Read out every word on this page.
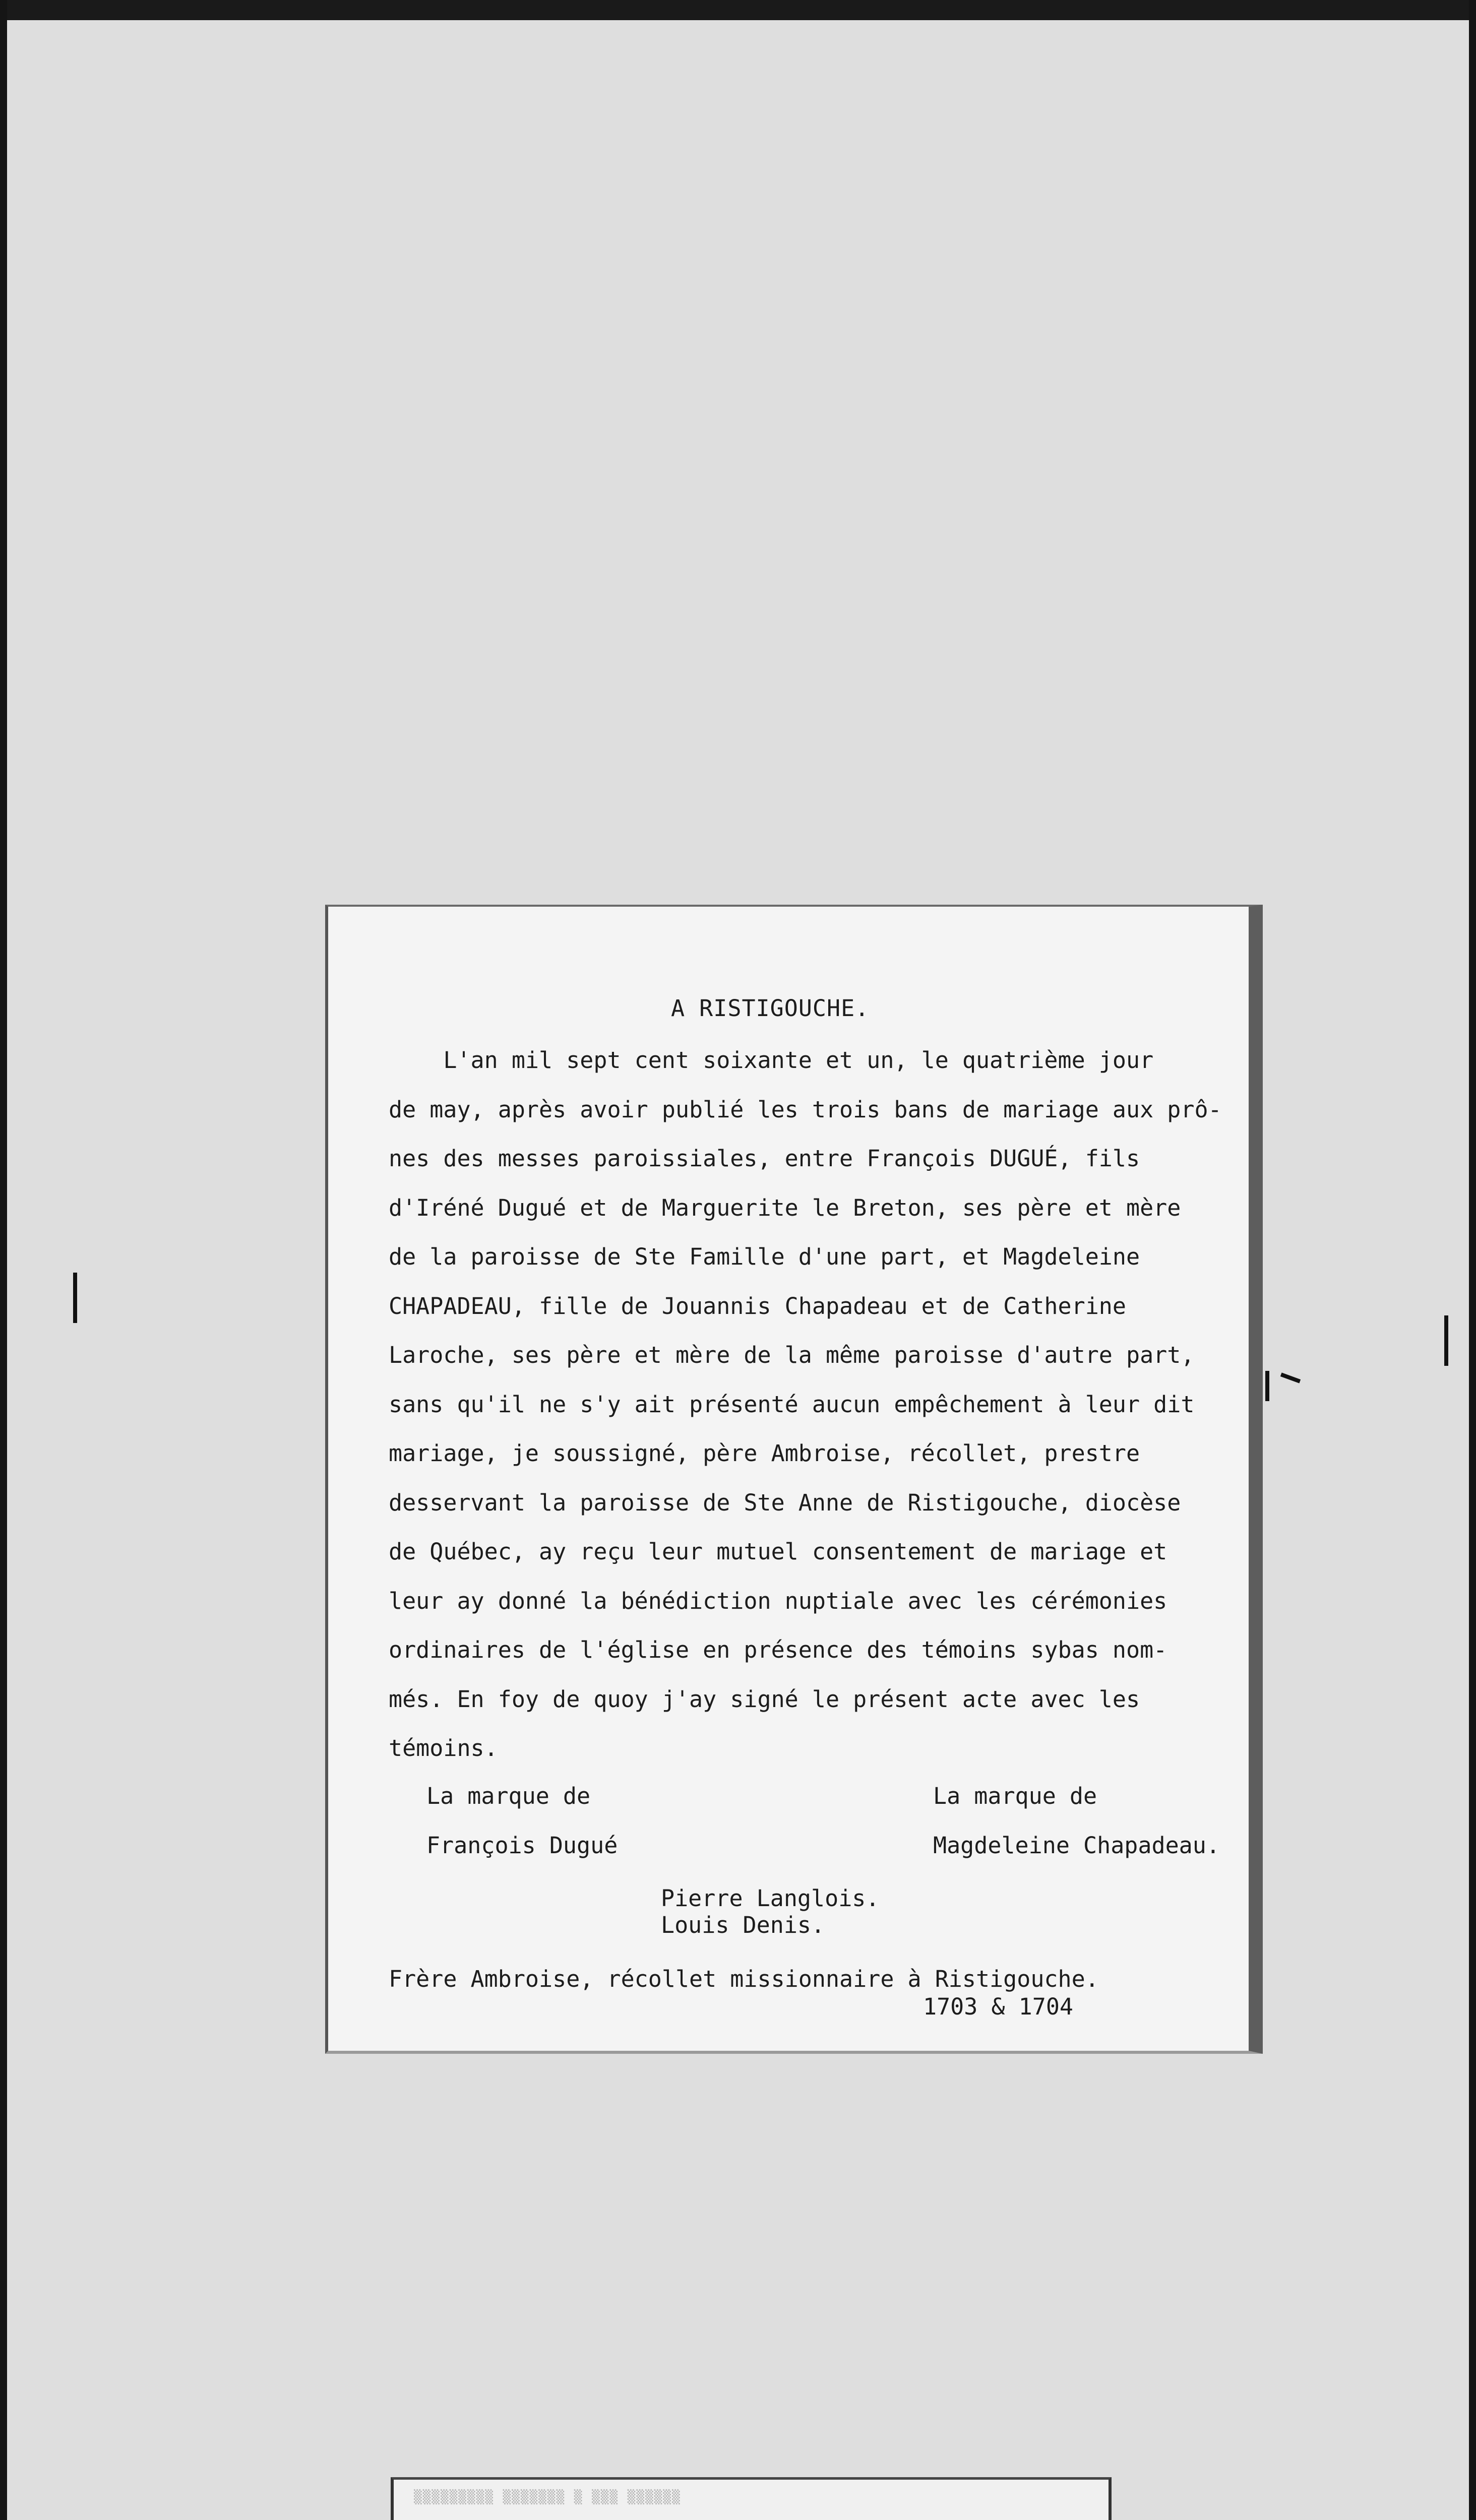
A RISTIGOUCHE.
L'an mil sept cent soixante et un, le quatrième jour
de may, après avoir publié les trois bans de mariage aux prô-
nes des messes paroissiales, entre François DUGUÉ, fils
d'Iréné Dugué et de Marguerite le Breton, ses père et mère
de la paroisse de Ste Famille d'une part, et Magdeleine
CHAPADEAU, fille de Jouannis Chapadeau et de Catherine
Laroche, ses père et mère de la même paroisse d'autre part,
sans qu'il ne s'y ait présenté aucun empêchement à leur dit
mariage, je soussigné, père Ambroise, récollet, prestre
desservant la paroisse de Ste Anne de Ristigouche, diocèse
de Québec, ay reçu leur mutuel consentement de mariage et
leur ay donné la bénédiction nuptiale avec les cérémonies
ordinaires de l'église en présence des témoins sybas nom-
més. En foy de quoy j'ay signé le présent acte avec les
témoins.
La marque de
François Dugué
La marque de
Magdeleine Chapadeau.
Pierre Langlois.
Louis Denis.
Frère Ambroise, récollet missionnaire à Ristigouche.
1703 & 1704
▒▒▒▒▒▒▒▒▒ ▒▒▒▒▒▒▒ ▒ ▒▒▒ ▒▒▒▒▒▒
